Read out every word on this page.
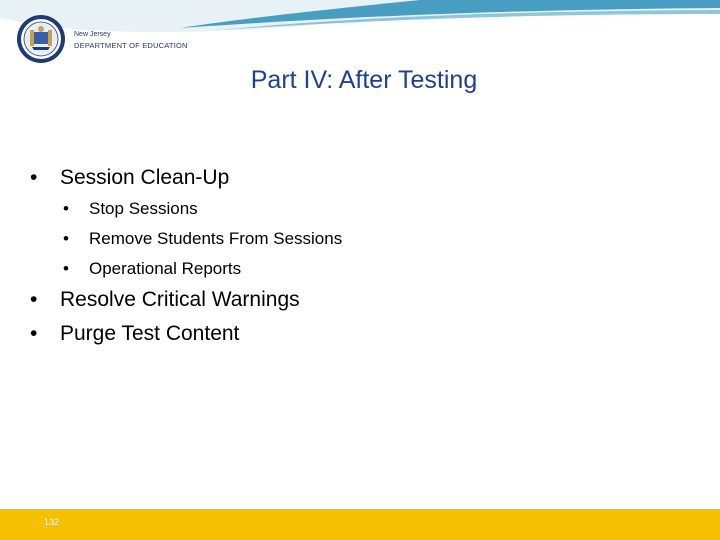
New Jersey
DEPARTMENT OF EDUCATION
Part IV: After Testing
•	Session Clean-Up
•	Stop Sessions
•	Remove Students From Sessions
•	Operational Reports
•	Resolve Critical Warnings
•	Purge Test Content
132
